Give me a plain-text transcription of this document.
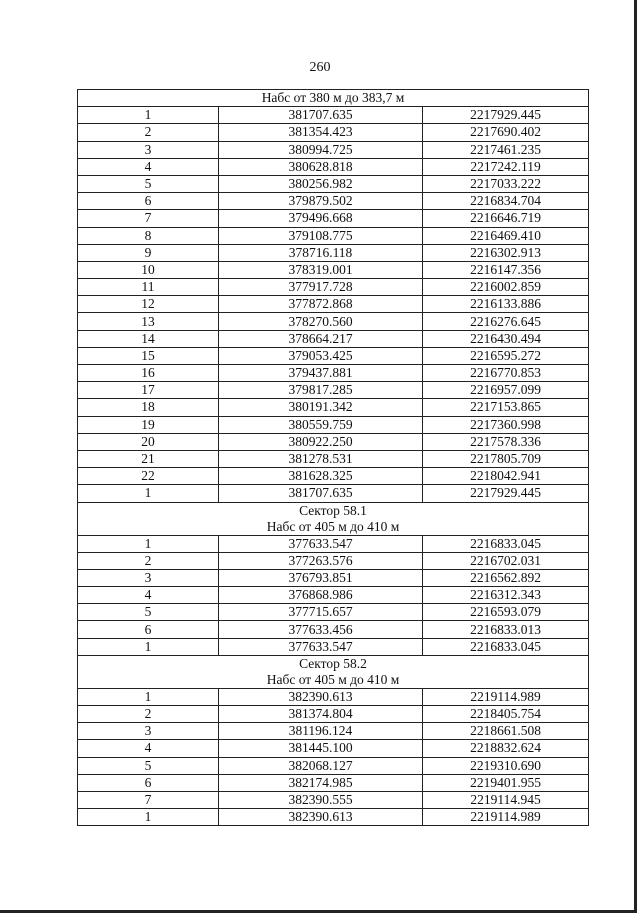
260
Набс от 380 м до 383,7 м		

1	381707.635	2217929.445
2	381354.423	2217690.402
3	380994.725	2217461.235
4	380628.818	2217242.119
5	380256.982	2217033.222
6	379879.502	2216834.704
7	379496.668	2216646.719
8	379108.775	2216469.410
9	378716.118	2216302.913
10	378319.001	2216147.356
11	377917.728	2216002.859
12	377872.868	2216133.886
13	378270.560	2216276.645
14	378664.217	2216430.494
15	379053.425	2216595.272
16	379437.881	2216770.853
17	379817.285	2216957.099
18	380191.342	2217153.865
19	380559.759	2217360.998
20	380922.250	2217578.336
21	381278.531	2217805.709
22	381628.325	2218042.941
1	381707.635	2217929.445

Сектор 58.1
Набс от 405 м до 410 м		

1	377633.547	2216833.045
2	377263.576	2216702.031
3	376793.851	2216562.892
4	376868.986	2216312.343
5	377715.657	2216593.079
6	377633.456	2216833.013
1	377633.547	2216833.045

Сектор 58.2
Набс от 405 м до 410 м		

1	382390.613	2219114.989
2	381374.804	2218405.754
3	381196.124	2218661.508
4	381445.100	2218832.624
5	382068.127	2219310.690
6	382174.985	2219401.955
7	382390.555	2219114.945
1	382390.613	2219114.989
